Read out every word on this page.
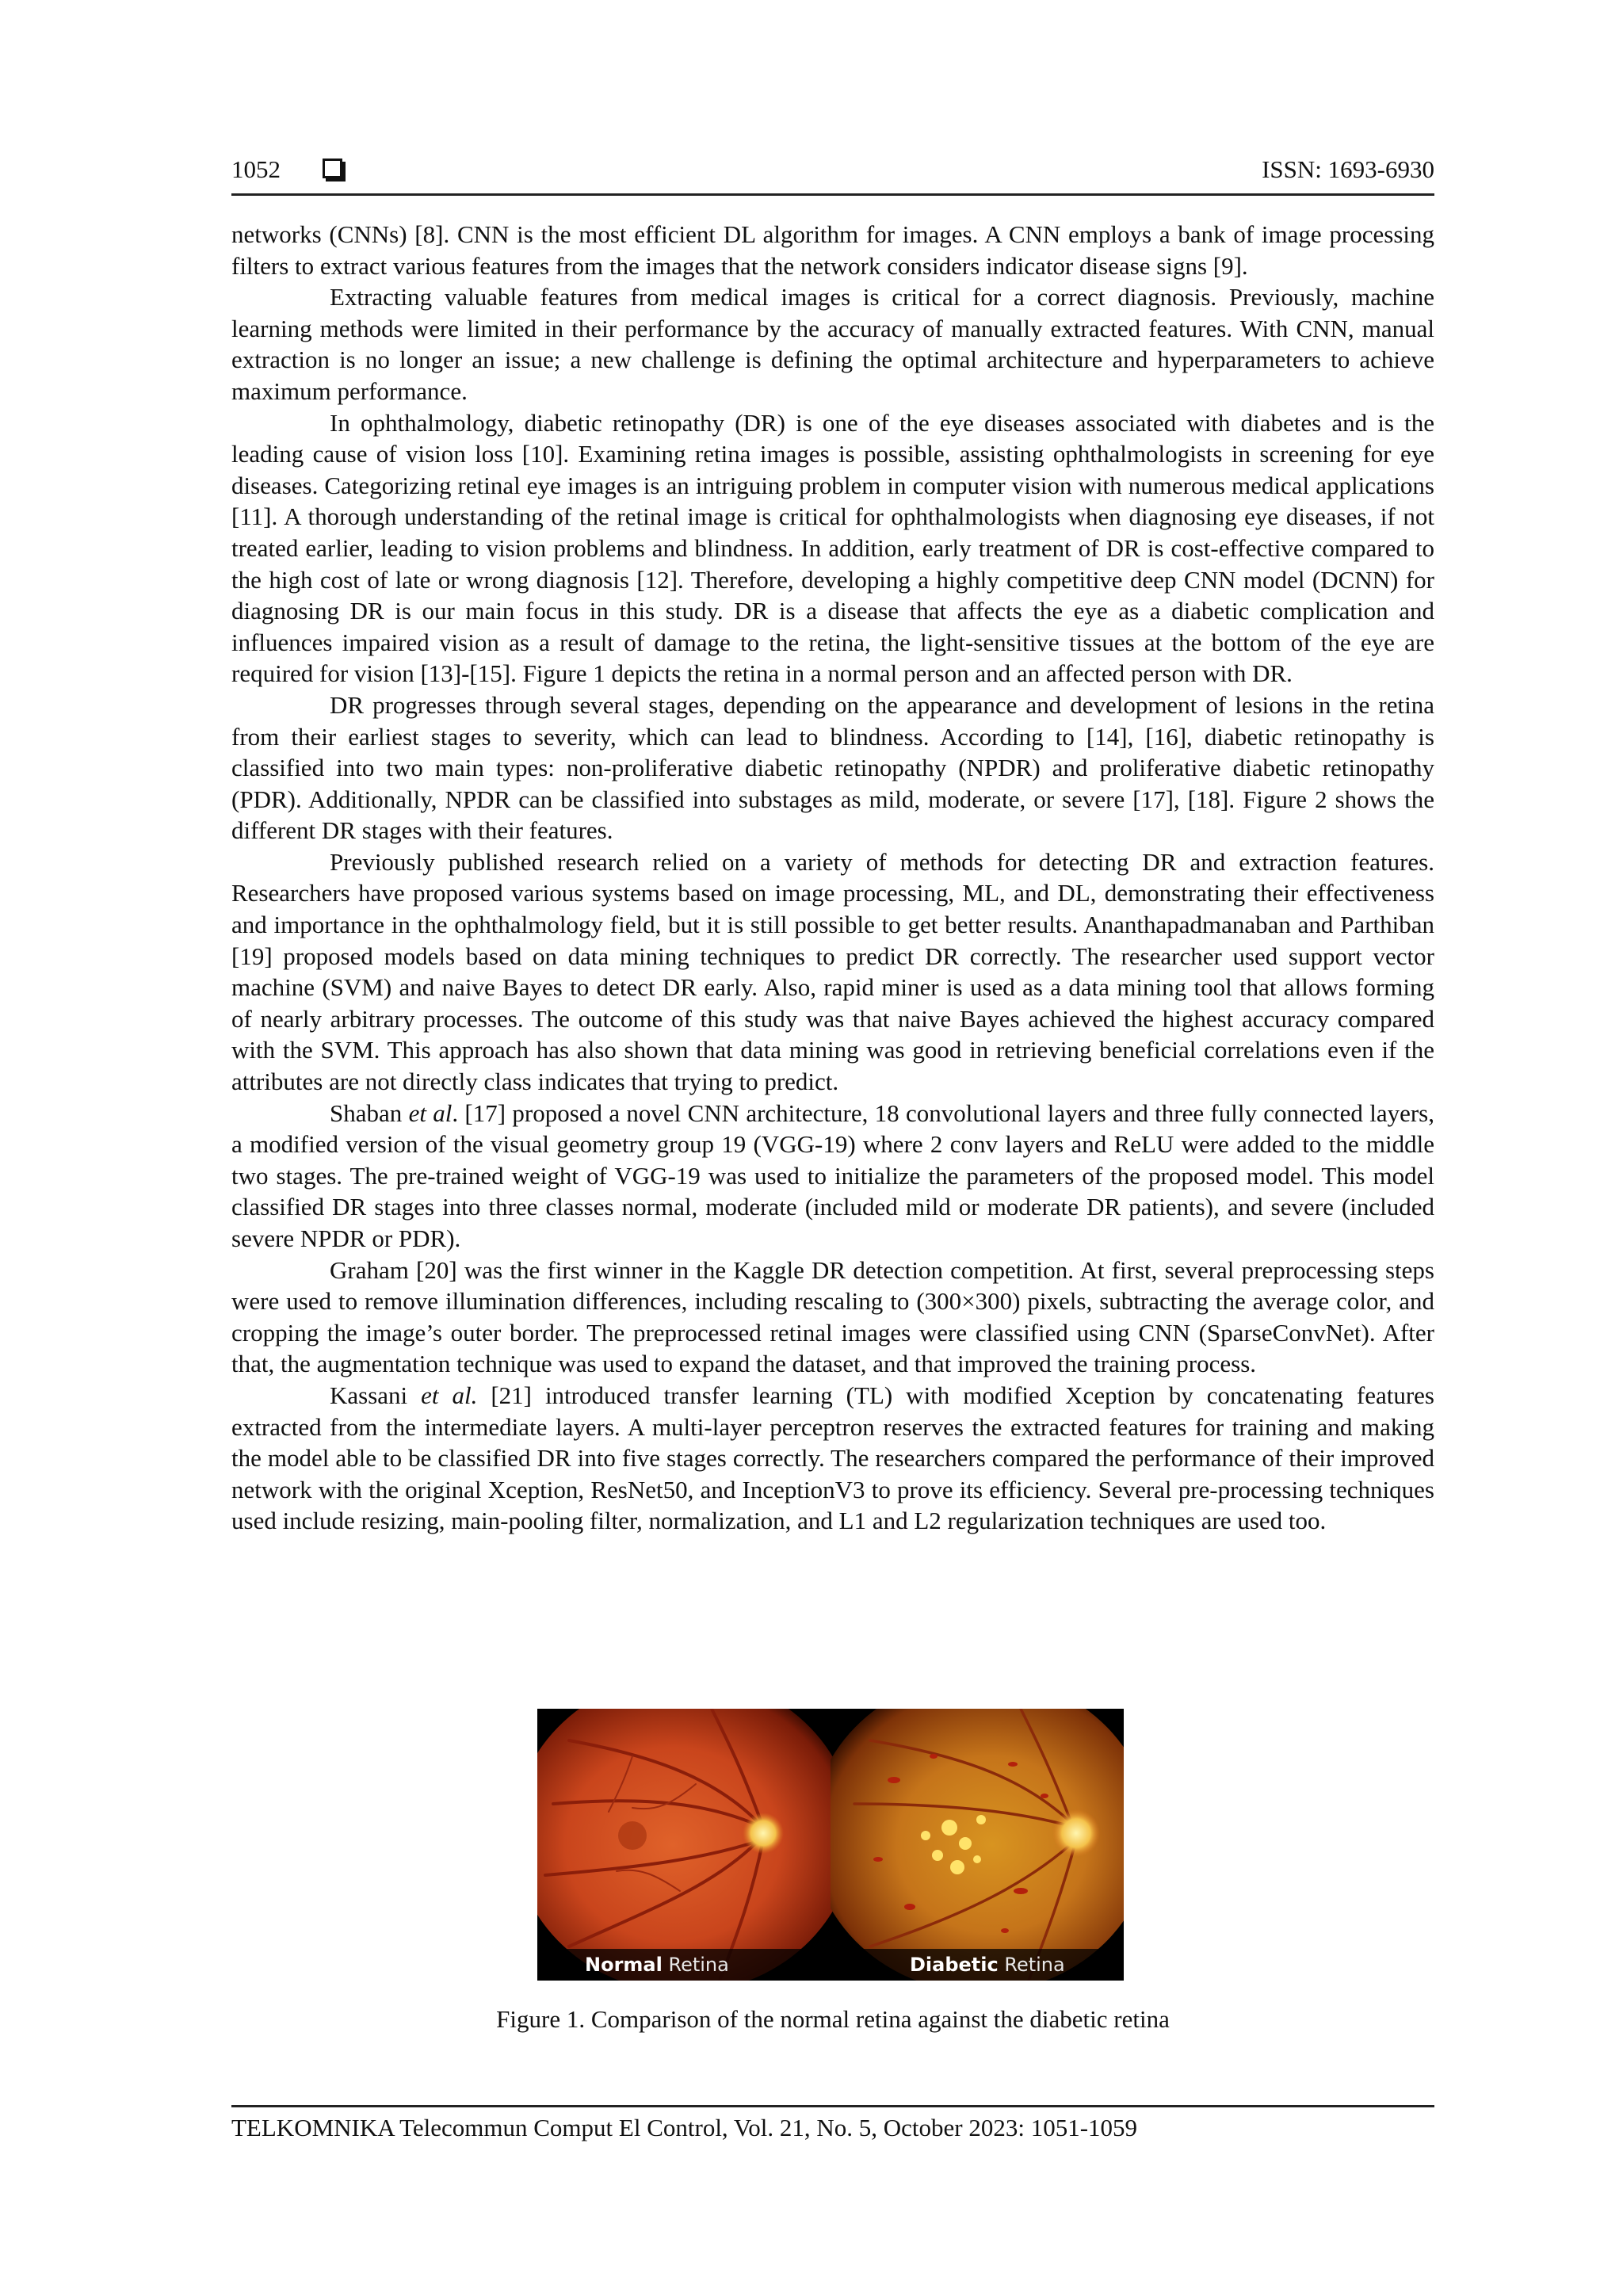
1052	ISSN: 1693-6930

networks (CNNs) [8]. CNN is the most efficient DL algorithm for images. A CNN employs a bank of image processing filters to extract various features from the images that the network considers indicator disease signs [9].

Extracting valuable features from medical images is critical for a correct diagnosis. Previously, machine learning methods were limited in their performance by the accuracy of manually extracted features. With CNN, manual extraction is no longer an issue; a new challenge is defining the optimal architecture and hyperparameters to achieve maximum performance.

In ophthalmology, diabetic retinopathy (DR) is one of the eye diseases associated with diabetes and is the leading cause of vision loss [10]. Examining retina images is possible, assisting ophthalmologists in screening for eye diseases. Categorizing retinal eye images is an intriguing problem in computer vision with numerous medical applications [11]. A thorough understanding of the retinal image is critical for ophthalmologists when diagnosing eye diseases, if not treated earlier, leading to vision problems and blindness. In addition, early treatment of DR is cost-effective compared to the high cost of late or wrong diagnosis [12]. Therefore, developing a highly competitive deep CNN model (DCNN) for diagnosing DR is our main focus in this study. DR is a disease that affects the eye as a diabetic complication and influences impaired vision as a result of damage to the retina, the light-sensitive tissues at the bottom of the eye are required for vision [13]-[15]. Figure 1 depicts the retina in a normal person and an affected person with DR.

DR progresses through several stages, depending on the appearance and development of lesions in the retina from their earliest stages to severity, which can lead to blindness. According to [14], [16], diabetic retinopathy is classified into two main types: non-proliferative diabetic retinopathy (NPDR) and proliferative diabetic retinopathy (PDR). Additionally, NPDR can be classified into substages as mild, moderate, or severe [17], [18]. Figure 2 shows the different DR stages with their features.

Previously published research relied on a variety of methods for detecting DR and extraction features. Researchers have proposed various systems based on image processing, ML, and DL, demonstrating their effectiveness and importance in the ophthalmology field, but it is still possible to get better results. Ananthapadmanaban and Parthiban [19] proposed models based on data mining techniques to predict DR correctly. The researcher used support vector machine (SVM) and naive Bayes to detect DR early. Also, rapid miner is used as a data mining tool that allows forming of nearly arbitrary processes. The outcome of this study was that naive Bayes achieved the highest accuracy compared with the SVM. This approach has also shown that data mining was good in retrieving beneficial correlations even if the attributes are not directly class indicates that trying to predict.

Shaban et al. [17] proposed a novel CNN architecture, 18 convolutional layers and three fully connected layers, a modified version of the visual geometry group 19 (VGG-19) where 2 conv layers and ReLU were added to the middle two stages. The pre-trained weight of VGG-19 was used to initialize the parameters of the proposed model. This model classified DR stages into three classes normal, moderate (included mild or moderate DR patients), and severe (included severe NPDR or PDR).

Graham [20] was the first winner in the Kaggle DR detection competition. At first, several preprocessing steps were used to remove illumination differences, including rescaling to (300×300) pixels, subtracting the average color, and cropping the image’s outer border. The preprocessed retinal images were classified using CNN (SparseConvNet). After that, the augmentation technique was used to expand the dataset, and that improved the training process.

Kassani et al. [21] introduced transfer learning (TL) with modified Xception by concatenating features extracted from the intermediate layers. A multi-layer perceptron reserves the extracted features for training and making the model able to be classified DR into five stages correctly. The researchers compared the performance of their improved network with the original Xception, ResNet50, and InceptionV3 to prove its efficiency. Several pre-processing techniques used include resizing, main-pooling filter, normalization, and L1 and L2 regularization techniques are used too.

Normal Retina	Diabetic Retina
Figure 1. Comparison of the normal retina against the diabetic retina
TELKOMNIKA Telecommun Comput El Control, Vol. 21, No. 5, October 2023: 1051-1059
